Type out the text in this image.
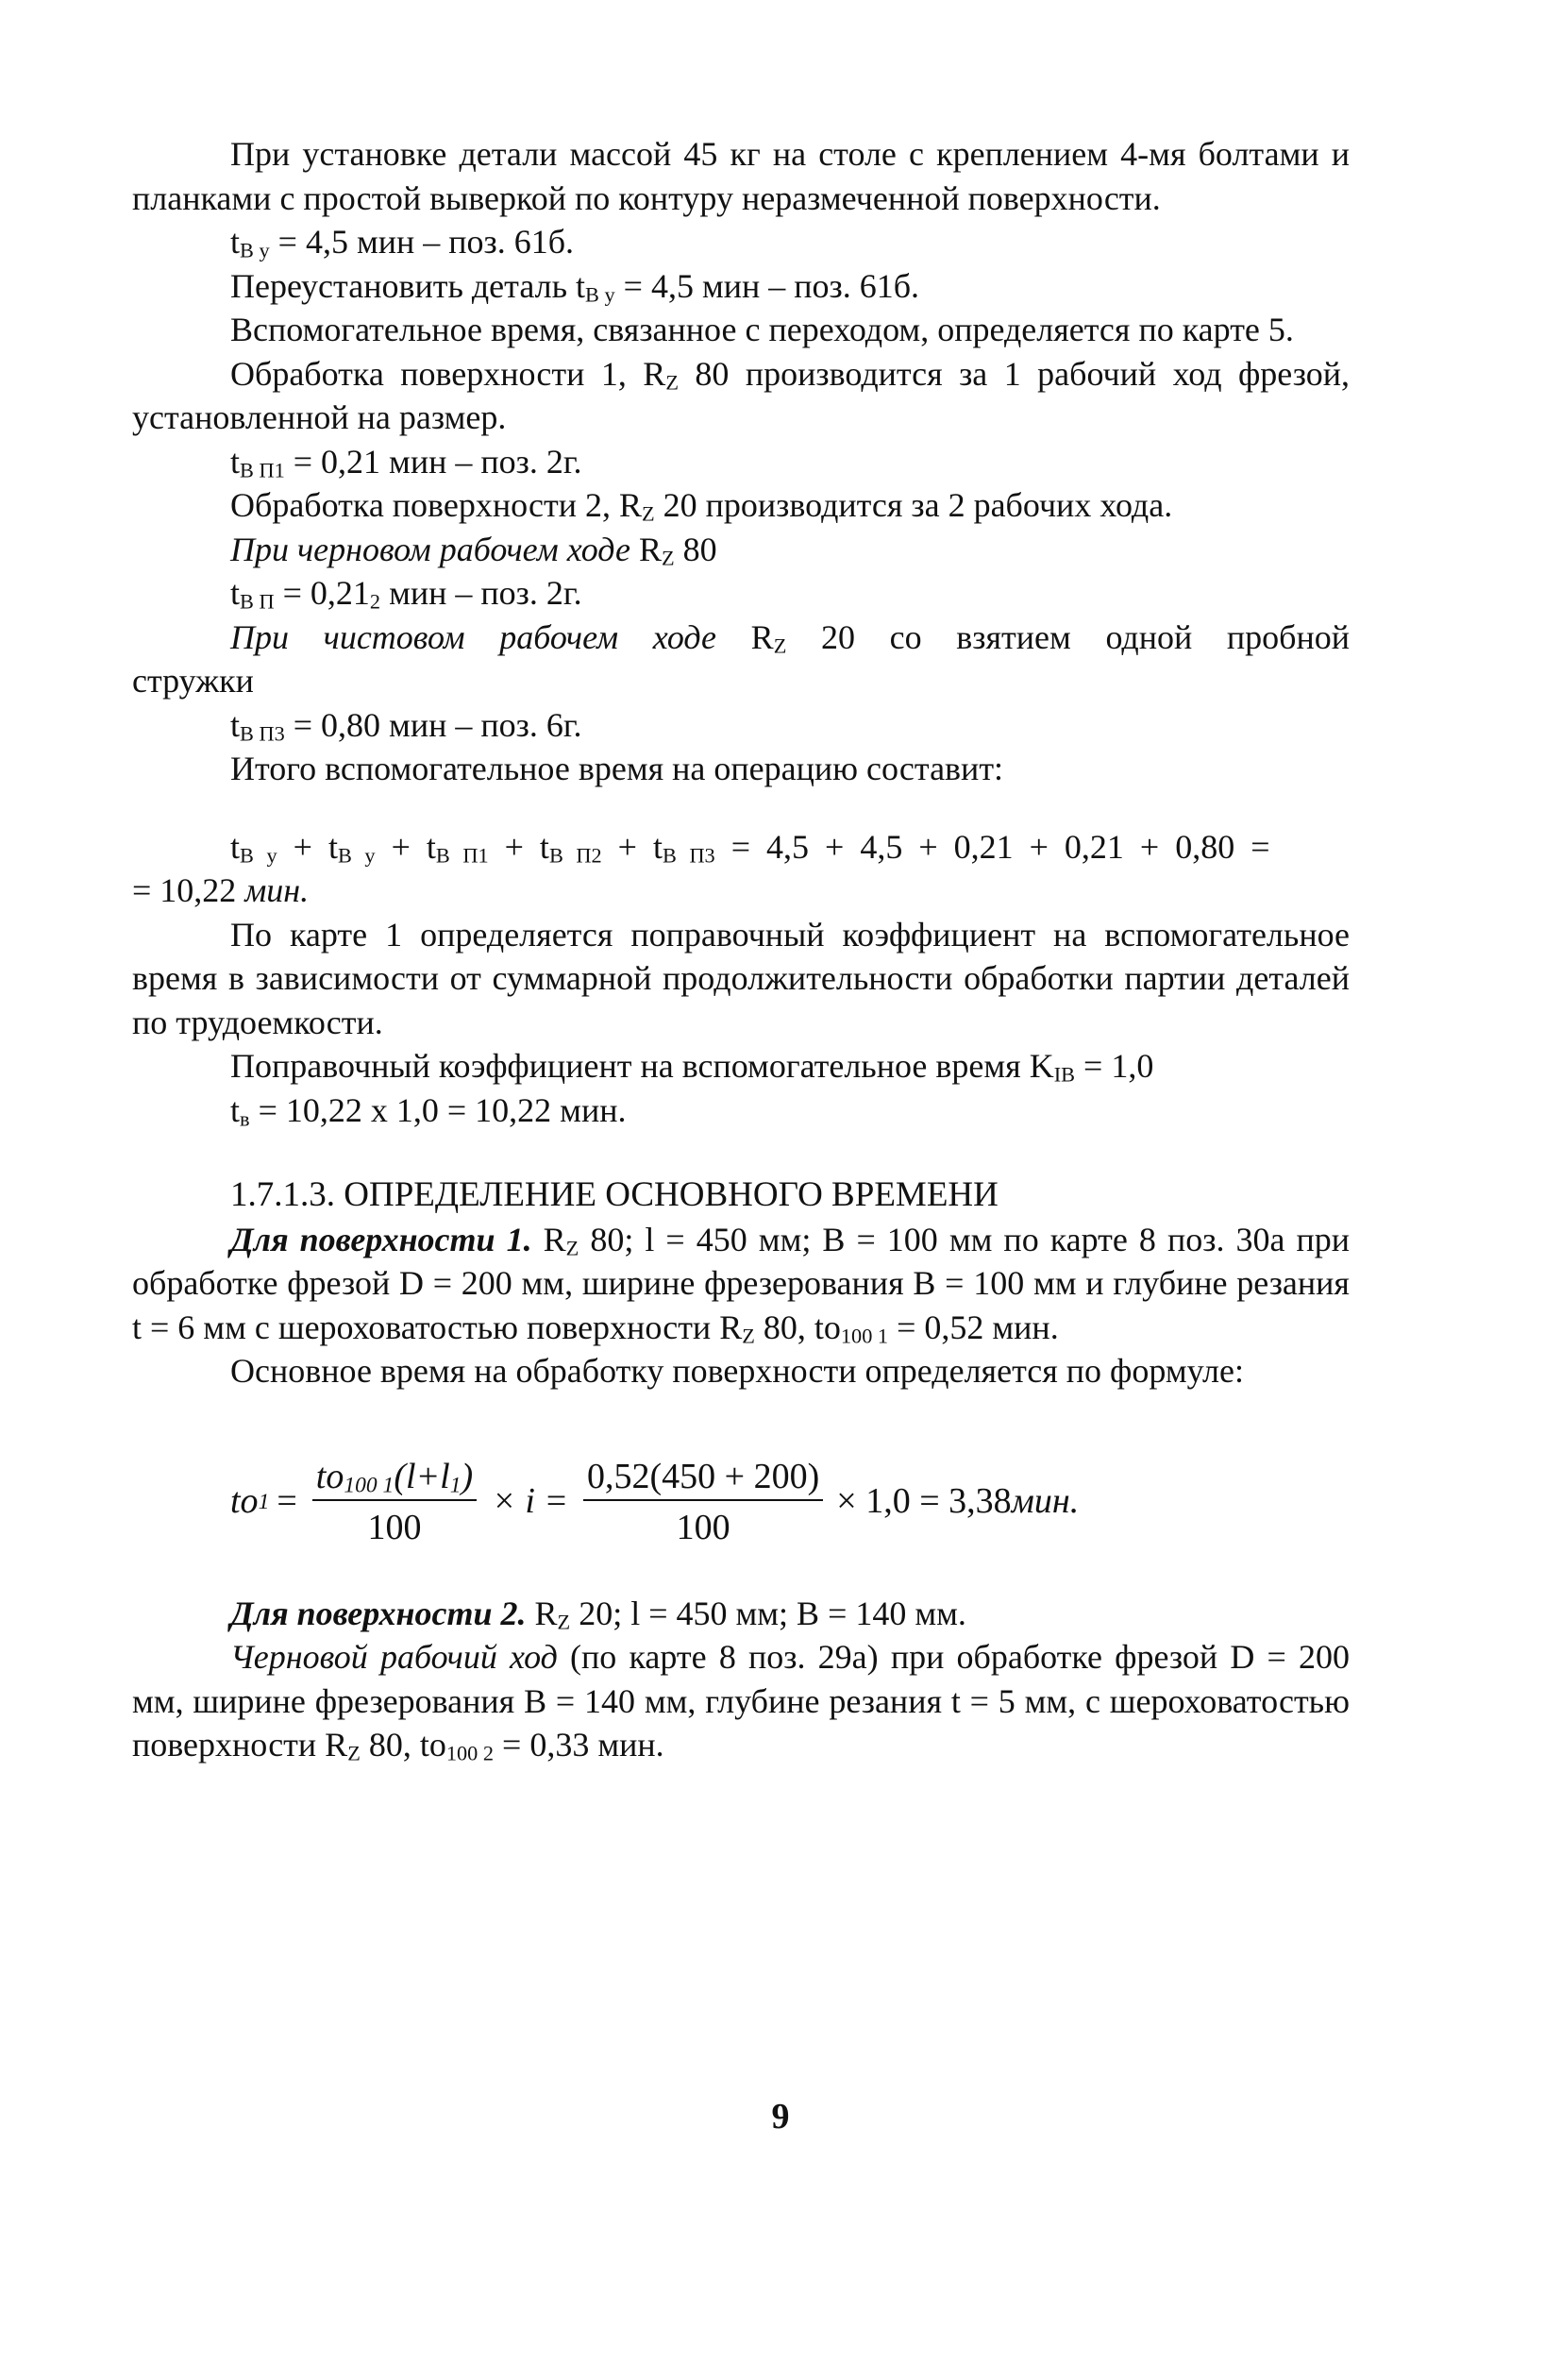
При установке детали массой 45 кг на столе с креплением 4-мя болтами и планками с простой выверкой по контуру неразмеченной поверхности.

$t_{В у} = 4,5$ мин – поз. 61б.

Переустановить деталь $t_{В у} = 4,5$ мин – поз. 61б.

Вспомогательное время, связанное с переходом, определяется по карте 5.

Обработка поверхности 1, $R_Z$ 80 производится за 1 рабочий ход фрезой, установленной на размер.

$t_{В П1} = 0,21$ мин – поз. 2г.

Обработка поверхности 2, $R_Z$ 20 производится за 2 рабочих хода.

При черновом рабочем ходе $R_Z$ 80

$t_{В П} = 0,21_2$ мин – поз. 2г.

При чистовом рабочем ходе $R_Z$ 20 со взятием одной пробной стружки

$t_{В П3} = 0,80$ мин – поз. 6г.

Итого вспомогательное время на операцию составит:

$t_{В у} + t_{В у} + t_{В П1} + t_{В П2} + t_{В П3} = 4,5 + 4,5 + 0,21 + 0,21 + 0,80$ =

= 10,22 мин.

По карте 1 определяется поправочный коэффициент на вспомогательное время в зависимости от суммарной продолжительности обработки партии деталей по трудоемкости.

Поправочный коэффициент на вспомогательное время $K_{ІВ} = 1,0$

$t_в = 10,22$ x 1,0 = 10,22 мин.

1.7.1.3. ОПРЕДЕЛЕНИЕ ОСНОВНОГО ВРЕМЕНИ

Для поверхности 1. $R_Z$ 80; l = 450 мм; B = 100 мм по карте 8 поз. 30а при обработке фрезой D = 200 мм, ширине фрезерования B = 100 мм и глубине резания t = 6 мм с шероховатостью поверхности $R_Z$ 80, $to_{100 1} = 0,52$ мин.

Основное время на обработку поверхности определяется по формуле:

to $1 = \frac{to_{100 1}(l+l_1)}{100} \times i = \frac{0,52(450 + 200)}{100} \times 1,0 = 3,38$ мин.

Для поверхности 2. $R_Z$ 20; l = 450 мм; B = 140 мм.

Черновой рабочий ход (по карте 8 поз. 29а) при обработке фрезой D = 200 мм, ширине фрезерования B = 140 мм, глубине резания t = 5 мм, с шероховатостью поверхности $R_Z$ 80, $to_{100 2} = 0,33$ мин.

9
